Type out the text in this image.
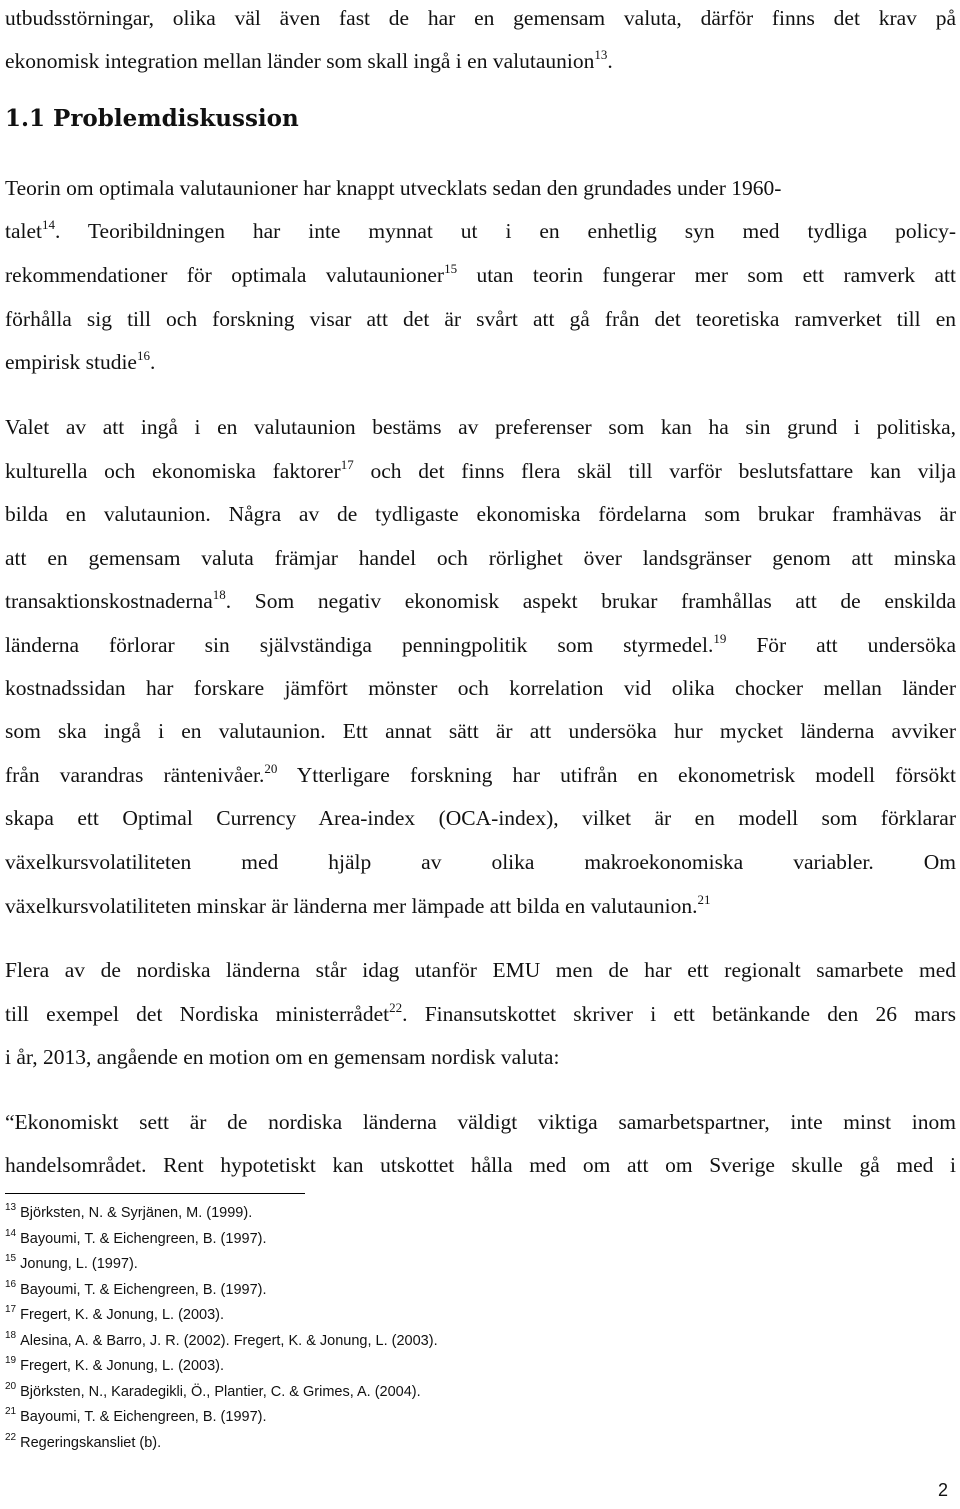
utbudsstörningar, olika väl även fast de har en gemensam valuta, därför finns det krav på
ekonomisk integration mellan länder som skall ingå i en valutaunion$^{13}$.
1.1 Problemdiskussion
Teorin om optimala valutaunioner har knappt utvecklats sedan den grundades under 1960-
talet$^{14}$. Teoribildningen har inte mynnat ut i en enhetlig syn med tydliga policy-
rekommendationer för optimala valutaunioner$^{15}$ utan teorin fungerar mer som ett ramverk att
förhålla sig till och forskning visar att det är svårt att gå från det teoretiska ramverket till en
empirisk studie$^{16}$.
Valet av att ingå i en valutaunion bestäms av preferenser som kan ha sin grund i politiska,
kulturella och ekonomiska faktorer$^{17}$ och det finns flera skäl till varför beslutsfattare kan vilja
bilda en valutaunion. Några av de tydligaste ekonomiska fördelarna som brukar framhävas är
att en gemensam valuta främjar handel och rörlighet över landsgränser genom att minska
transaktionskostnaderna$^{18}$. Som negativ ekonomisk aspekt brukar framhållas att de enskilda
länderna förlorar sin självständiga penningpolitik som styrmedel.$^{19}$ För att undersöka
kostnadssidan har forskare jämfört mönster och korrelation vid olika chocker mellan länder
som ska ingå i en valutaunion. Ett annat sätt är att undersöka hur mycket länderna avviker
från varandras räntenivåer.$^{20}$ Ytterligare forskning har utifrån en ekonometrisk modell försökt
skapa ett Optimal Currency Area-index (OCA-index), vilket är en modell som förklarar
växelkursvolatiliteten med hjälp av olika makroekonomiska variabler. Om
växelkursvolatiliteten minskar är länderna mer lämpade att bilda en valutaunion.$^{21}$
Flera av de nordiska länderna står idag utanför EMU men de har ett regionalt samarbete med
till exempel det Nordiska ministerrådet$^{22}$. Finansutskottet skriver i ett betänkande den 26 mars
i år, 2013, angående en motion om en gemensam nordisk valuta:
“Ekonomiskt sett är de nordiska länderna väldigt viktiga samarbetspartner, inte minst inom
handelsområdet. Rent hypotetiskt kan utskottet hålla med om att om Sverige skulle gå med i
$^{13}$ Björksten, N. & Syrjänen, M. (1999).
$^{14}$ Bayoumi, T. & Eichengreen, B. (1997).
$^{15}$ Jonung, L. (1997).
$^{16}$ Bayoumi, T. & Eichengreen, B. (1997).
$^{17}$ Fregert, K. & Jonung, L. (2003).
$^{18}$ Alesina, A. & Barro, J. R. (2002). Fregert, K. & Jonung, L. (2003).
$^{19}$ Fregert, K. & Jonung, L. (2003).
$^{20}$ Björksten, N., Karadegikli, Ö., Plantier, C. & Grimes, A. (2004).
$^{21}$ Bayoumi, T. & Eichengreen, B. (1997).
$^{22}$ Regeringskansliet (b).
2
